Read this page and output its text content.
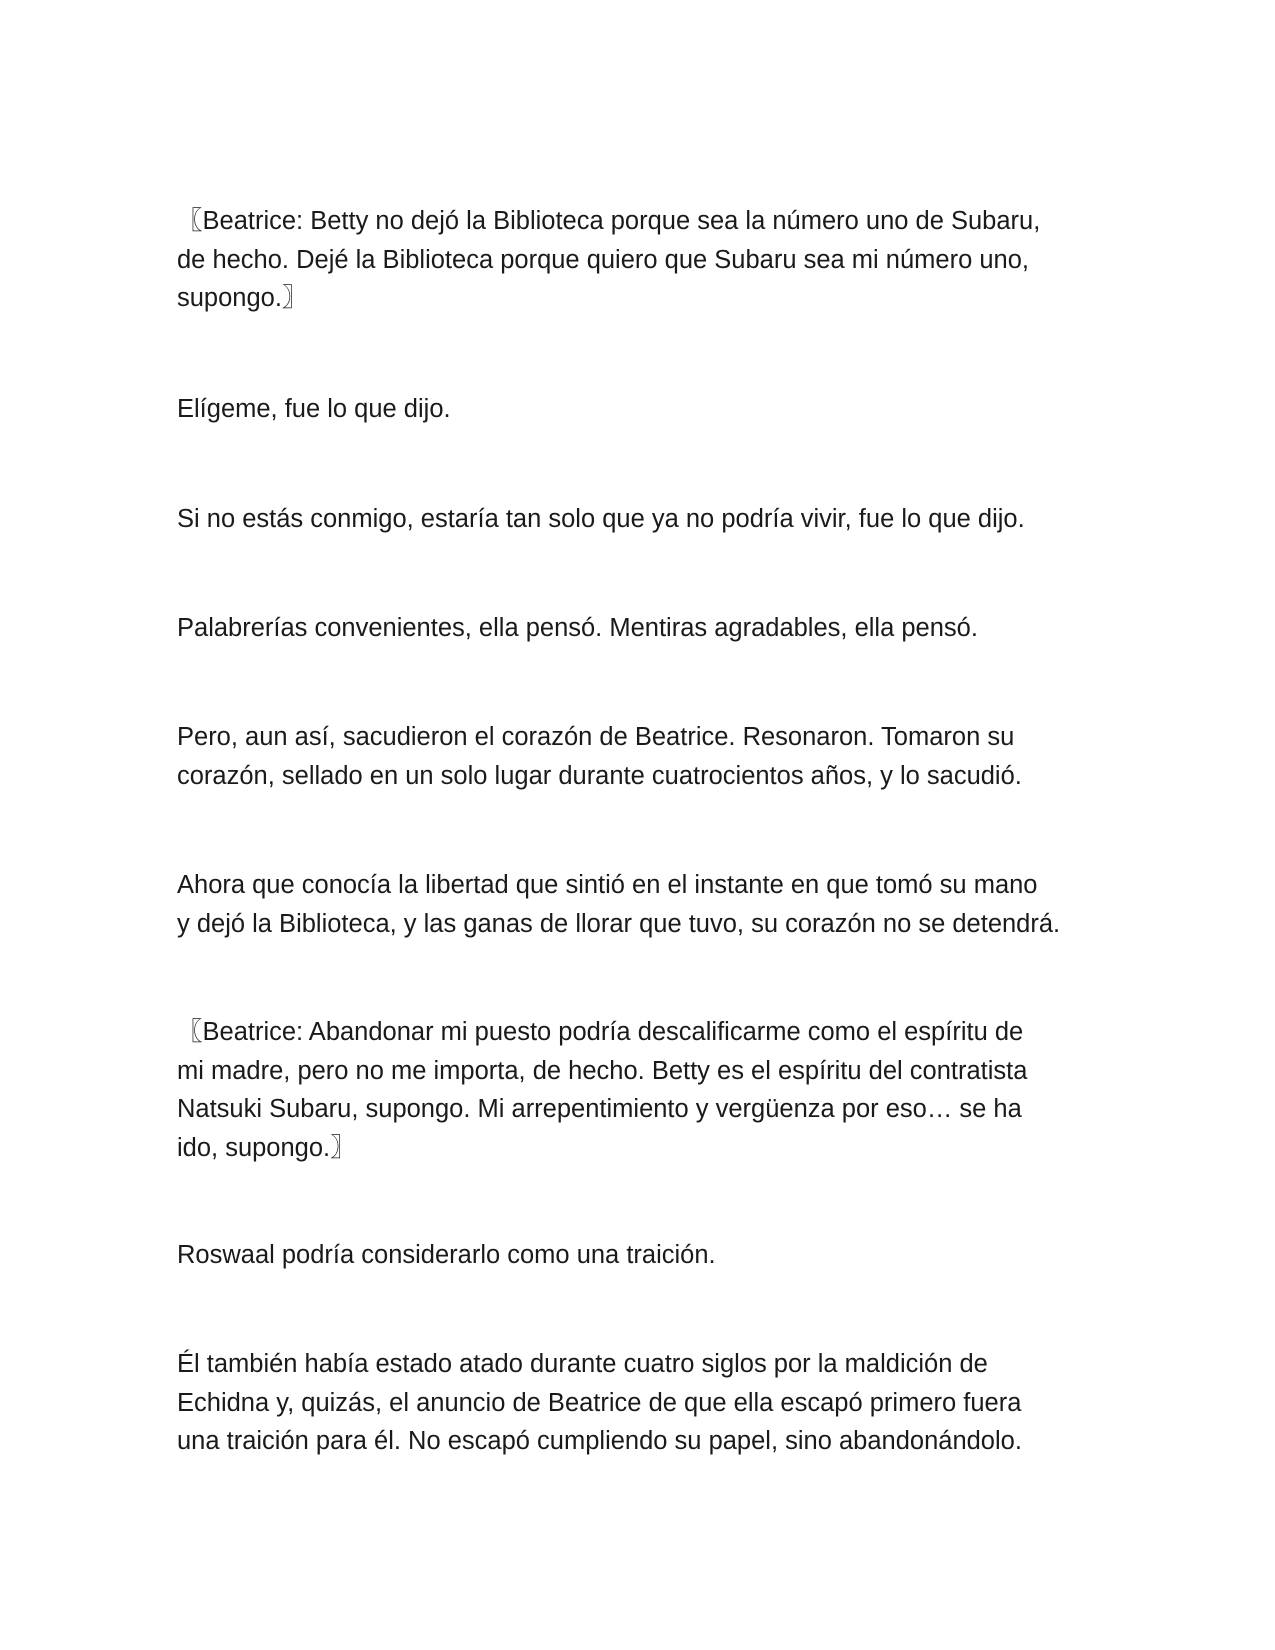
〖Beatrice: Betty no dejó la Biblioteca porque sea la número uno de Subaru,
de hecho. Dejé la Biblioteca porque quiero que Subaru sea mi número uno,
supongo.〗

Elígeme, fue lo que dijo.

Si no estás conmigo, estaría tan solo que ya no podría vivir, fue lo que dijo.

Palabrerías convenientes, ella pensó. Mentiras agradables, ella pensó.

Pero, aun así, sacudieron el corazón de Beatrice. Resonaron. Tomaron su
corazón, sellado en un solo lugar durante cuatrocientos años, y lo sacudió.

Ahora que conocía la libertad que sintió en el instante en que tomó su mano
y dejó la Biblioteca, y las ganas de llorar que tuvo, su corazón no se detendrá.

〖Beatrice: Abandonar mi puesto podría descalificarme como el espíritu de
mi madre, pero no me importa, de hecho. Betty es el espíritu del contratista
Natsuki Subaru, supongo. Mi arrepentimiento y vergüenza por eso… se ha
ido, supongo.〗

Roswaal podría considerarlo como una traición.

Él también había estado atado durante cuatro siglos por la maldición de
Echidna y, quizás, el anuncio de Beatrice de que ella escapó primero fuera
una traición para él. No escapó cumpliendo su papel, sino abandonándolo.
